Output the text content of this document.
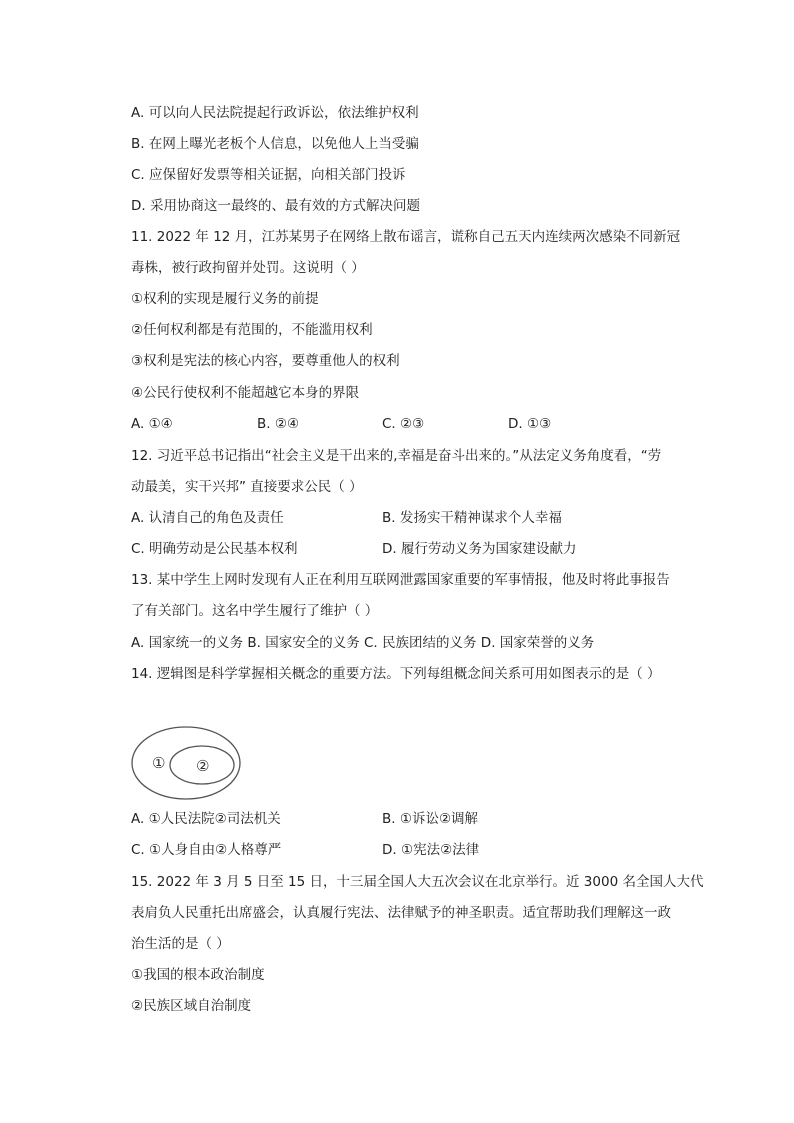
A. 可以向人民法院提起行政诉讼，依法维护权利
B. 在网上曝光老板个人信息，以免他人上当受骗
C. 应保留好发票等相关证据，向相关部门投诉
D. 采用协商这一最终的、最有效的方式解决问题
11. 2022 年 12 月，江苏某男子在网络上散布谣言，谎称自己五天内连续两次感染不同新冠
毒株，被行政拘留并处罚。这说明（ ）
①权利的实现是履行义务的前提
②任何权利都是有范围的，不能滥用权利
③权利是宪法的核心内容，要尊重他人的权利
④公民行使权利不能超越它本身的界限
A. ①④	B. ②④	C. ②③	D. ①③
12. 习近平总书记指出“社会主义是干出来的,幸福是奋斗出来的。”从法定义务角度看，“劳
动最美，实干兴邦” 直接要求公民（ ）
A. 认清自己的角色及责任	B. 发扬实干精神谋求个人幸福
C. 明确劳动是公民基本权利	D. 履行劳动义务为国家建设献力
13. 某中学生上网时发现有人正在利用互联网泄露国家重要的军事情报，他及时将此事报告
了有关部门。这名中学生履行了维护（ ）
A. 国家统一的义务 B. 国家安全的义务 C. 民族团结的义务 D. 国家荣誉的义务
14. 逻辑图是科学掌握相关概念的重要方法。下列每组概念间关系可用如图表示的是（ ）
① ②
A. ①人民法院②司法机关	B. ①诉讼②调解
C. ①人身自由②人格尊严	D. ①宪法②法律
15. 2022 年 3 月 5 日至 15 日，十三届全国人大五次会议在北京举行。近 3000 名全国人大代
表肩负人民重托出席盛会，认真履行宪法、法律赋予的神圣职责。适宜帮助我们理解这一政
治生活的是（ ）
①我国的根本政治制度
②民族区域自治制度
